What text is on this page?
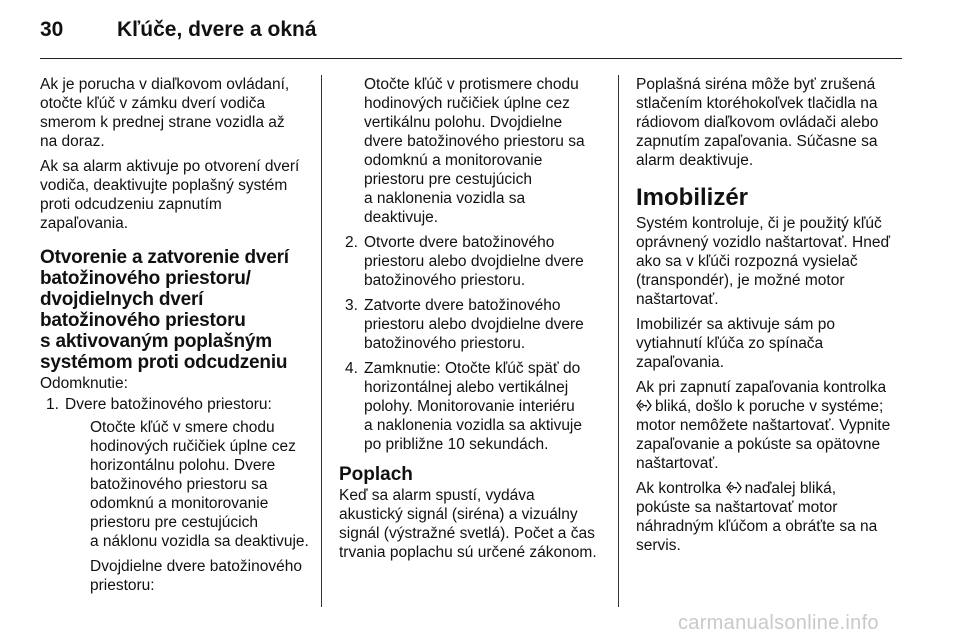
30	Kľúče, dvere a okná

Ak je porucha v diaľkovom ovládaní,
otočte kľúč v zámku dverí vodiča
smerom k prednej strane vozidla až
na doraz.

Ak sa alarm aktivuje po otvorení dverí
vodiča, deaktivujte poplašný systém
proti odcudzeniu zapnutím
zapaľovania.

Otvorenie a zatvorenie dverí
batožinového priestoru/
dvojdielnych dverí
batožinového priestoru
s aktivovaným poplašným
systémom proti odcudzeniu

Odomknutie:

1. Dvere batožinového priestoru:

Otočte kľúč v smere chodu
hodinových ručičiek úplne cez
horizontálnu polohu. Dvere
batožinového priestoru sa
odomknú a monitorovanie
priestoru pre cestujúcich
a náklonu vozidla sa deaktivuje.

Dvojdielne dvere batožinového
priestoru:

Otočte kľúč v protismere chodu
hodinových ručičiek úplne cez
vertikálnu polohu. Dvojdielne
dvere batožinového priestoru sa
odomknú a monitorovanie
priestoru pre cestujúcich
a naklonenia vozidla sa
deaktivuje.

2. Otvorte dvere batožinového
priestoru alebo dvojdielne dvere
batožinového priestoru.
3. Zatvorte dvere batožinového
priestoru alebo dvojdielne dvere
batožinového priestoru.
4. Zamknutie: Otočte kľúč späť do
horizontálnej alebo vertikálnej
polohy. Monitorovanie interiéru
a naklonenia vozidla sa aktivuje
po približne 10 sekundách.
Poplach

Keď sa alarm spustí, vydáva
akustický signál (siréna) a vizuálny
signál (výstražné svetlá). Počet a čas
trvania poplachu sú určené zákonom.

Poplašná siréna môže byť zrušená
stlačením ktoréhokoľvek tlačidla na
rádiovom diaľkovom ovládači alebo
zapnutím zapaľovania. Súčasne sa
alarm deaktivuje.

Imobilizér

Systém kontroluje, či je použitý kľúč
oprávnený vozidlo naštartovať. Hneď
ako sa v kľúči rozpozná vysielač
(transpondér), je možné motor
naštartovať.

Imobilizér sa aktivuje sám po
vytiahnutí kľúča zo spínača
zapaľovania.

Ak pri zapnutí zapaľovania kontrolka
bliká, došlo k poruche v systéme;
motor nemôžete naštartovať. Vypnite
zapaľovanie a pokúste sa opätovne
naštartovať.

Ak kontrolka naďalej bliká,
pokúste sa naštartovať motor
náhradným kľúčom a obráťte sa na
servis.

carmanualsonline.info
